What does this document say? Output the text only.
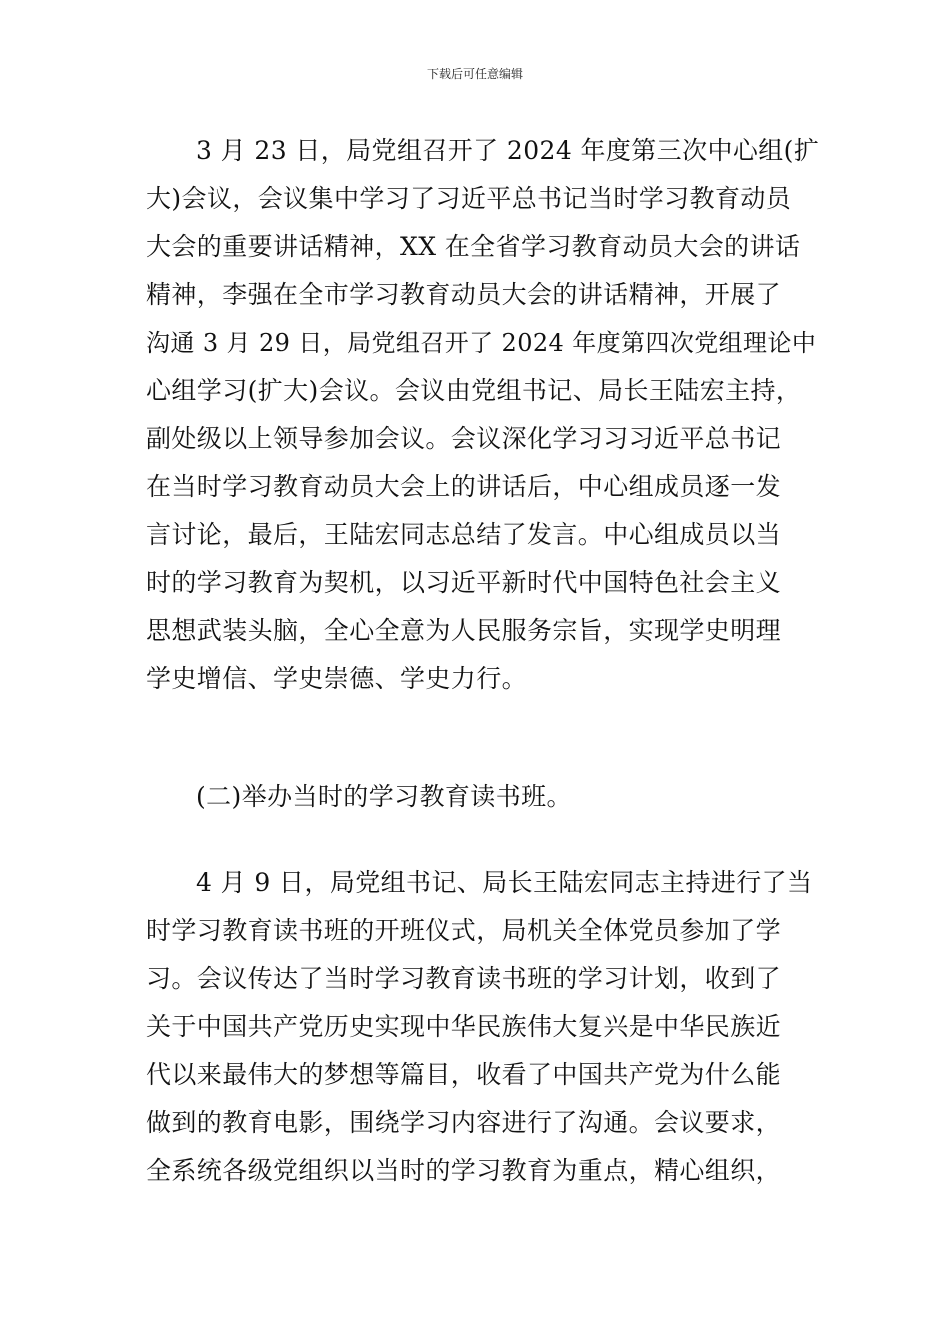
下载后可任意编辑
3 月 23 日，局党组召开了 2024 年度第三次中心组(扩
大)会议，会议集中学习了习近平总书记当时学习教育动员
大会的重要讲话精神，XX 在全省学习教育动员大会的讲话
精神，李强在全市学习教育动员大会的讲话精神，开展了
沟通 3 月 29 日，局党组召开了 2024 年度第四次党组理论中
心组学习(扩大)会议。会议由党组书记、局长王陆宏主持，
副处级以上领导参加会议。会议深化学习习习近平总书记
在当时学习教育动员大会上的讲话后，中心组成员逐一发
言讨论，最后，王陆宏同志总结了发言。中心组成员以当
时的学习教育为契机，以习近平新时代中国特色社会主义
思想武装头脑，全心全意为人民服务宗旨，实现学史明理
学史增信、学史崇德、学史力行。
(二)举办当时的学习教育读书班。
4 月 9 日，局党组书记、局长王陆宏同志主持进行了当
时学习教育读书班的开班仪式，局机关全体党员参加了学
习。会议传达了当时学习教育读书班的学习计划，收到了
关于中国共产党历史实现中华民族伟大复兴是中华民族近
代以来最伟大的梦想等篇目，收看了中国共产党为什么能
做到的教育电影，围绕学习内容进行了沟通。会议要求，
全系统各级党组织以当时的学习教育为重点，精心组织，
